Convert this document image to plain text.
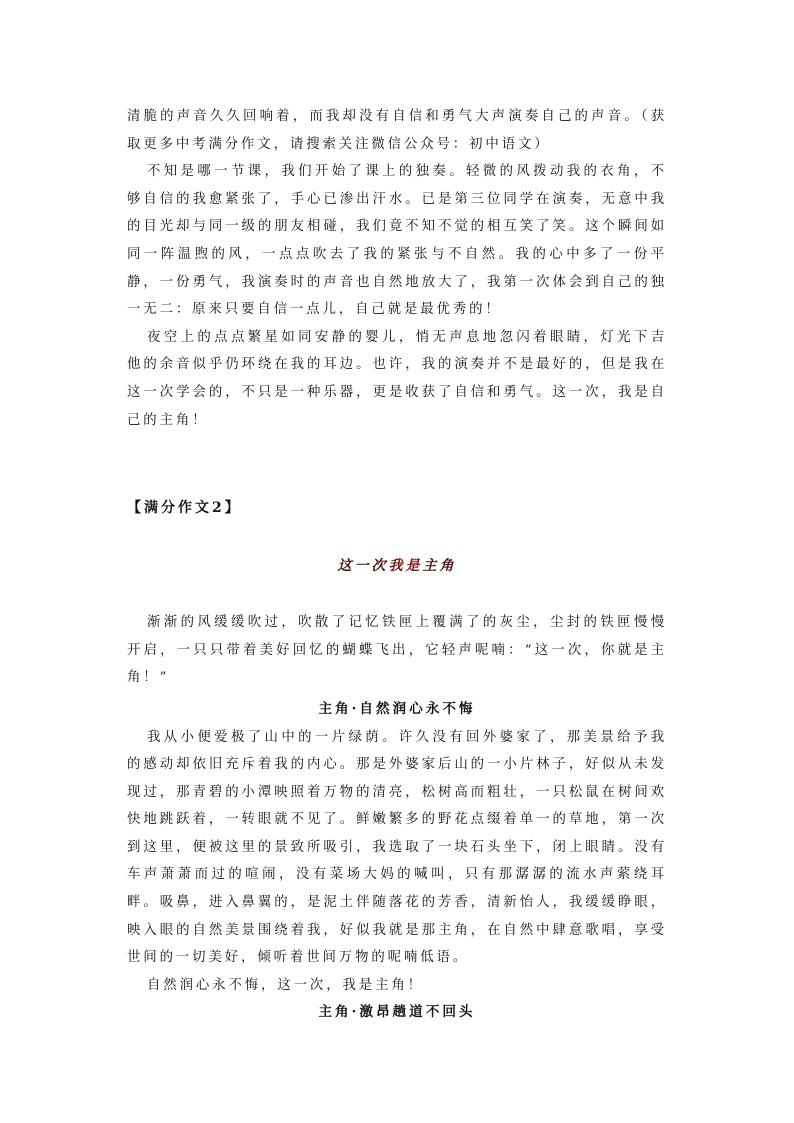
清脆的声音久久回响着，而我却没有自信和勇气大声演奏自己的声音。（获取更多中考满分作文，请搜索关注微信公众号：初中语文）

不知是哪一节课，我们开始了课上的独奏。轻微的风拨动我的衣角，不够自信的我愈紧张了，手心已渗出汗水。已是第三位同学在演奏，无意中我的目光却与同一级的朋友相碰，我们竟不知不觉的相互笑了笑。这个瞬间如同一阵温煦的风，一点点吹去了我的紧张与不自然。我的心中多了一份平静，一份勇气，我演奏时的声音也自然地放大了，我第一次体会到自己的独一无二：原来只要自信一点儿，自己就是最优秀的！

夜空上的点点繁星如同安静的婴儿，悄无声息地忽闪着眼睛，灯光下吉他的余音似乎仍环绕在我的耳边。也许，我的演奏并不是最好的，但是我在这一次学会的，不只是一种乐器，更是收获了自信和勇气。这一次，我是自己的主角！

【满分作文2】

这一次我是主角

渐渐的风缓缓吹过，吹散了记忆铁匣上覆满了的灰尘，尘封的铁匣慢慢开启，一只只带着美好回忆的蝴蝶飞出，它轻声呢喃：“这一次，你就是主角！”

主角·自然润心永不悔

我从小便爱极了山中的一片绿荫。许久没有回外婆家了，那美景给予我的感动却依旧充斥着我的内心。那是外婆家后山的一小片林子，好似从未发现过，那青碧的小潭映照着万物的清亮，松树高而粗壮，一只松鼠在树间欢快地跳跃着，一转眼就不见了。鲜嫩繁多的野花点缀着单一的草地，第一次到这里，便被这里的景致所吸引，我选取了一块石头坐下，闭上眼睛。没有车声萧萧而过的喧闹，没有菜场大妈的喊叫，只有那潺潺的流水声萦绕耳畔。吸鼻，进入鼻翼的，是泥土伴随落花的芳香，清新怡人，我缓缓睁眼，映入眼的自然美景围绕着我，好似我就是那主角，在自然中肆意歌唱，享受世间的一切美好，倾听着世间万物的呢喃低语。

自然润心永不悔，这一次，我是主角！

主角·激昂趟道不回头
